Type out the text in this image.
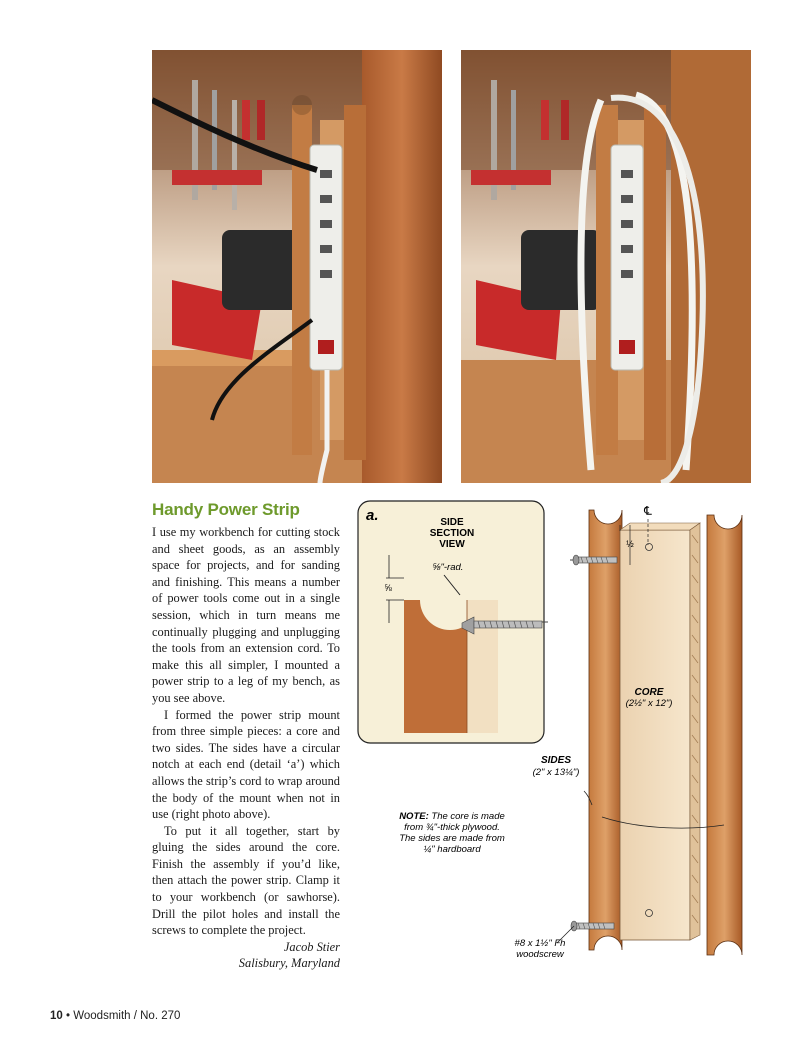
Handy Power Strip

I use my workbench for cutting stock and sheet goods, as an assembly space for projects, and for sanding and finishing. This means a number of power tools come out in a single session, which in turn means me continually plugging and unplugging the tools from an extension cord. To make this all simpler, I mounted a power strip to a leg of my bench, as you see above.

I formed the power strip mount from three simple pieces: a core and two sides. The sides have a circular notch at each end (detail ‘a’) which allows the strip’s cord to wrap around the body of the mount when not in use (right photo above).

To put it all together, start by gluing the sides around the core. Finish the assembly if you’d like, then attach the power strip. Clamp it to your workbench (or sawhorse). Drill the pilot holes and install the screws to complete the project.

Jacob Stier

Salisbury, Maryland

a.	SIDE
SECTION
VIEW
⅝"-rad.
⅝
CORE
(2½" x 12")
℄
½
SIDES
(2" x 13¼")
NOTE: The core is made
from ¾"-thick plywood.
The sides are made from
¼" hardboard
#8 x 1½" Fh
woodscrew
10 • Woodsmith / No. 270
